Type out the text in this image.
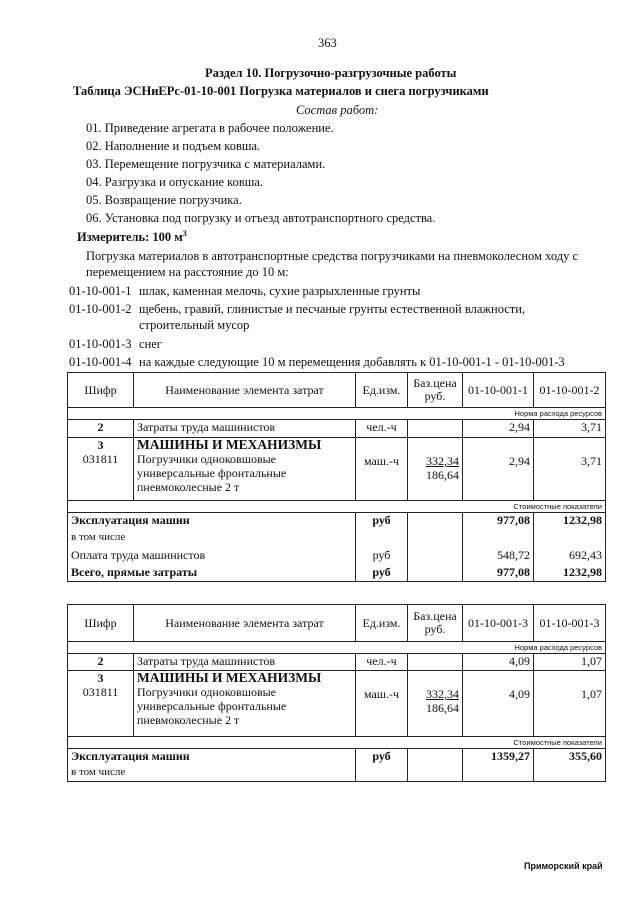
363
Раздел 10. Погрузочно-разгрузочные работы
Таблица ЭСНиЕРс-01-10-001 Погрузка материалов и снега погрузчиками
Состав работ:
01. Приведение агрегата в рабочее положение.
02. Наполнение и подъем ковша.
03. Перемещение погрузчика с материалами.
04. Разгрузка и опускание ковша.
05. Возвращение погрузчика.
06. Установка под погрузку и отъезд автотранспортного средства.
Измеритель: 100 $м^3$
Погрузка материалов в автотранспортные средства погрузчиками на пневмоколесном ходу с
перемещением на расстояние до 10 м:
01-10-001-1 шлак, каменная мелочь, сухие разрыхленные грунты
01-10-001-2 щебень, гравий, глинистые и песчаные грунты естественной влажности,
строительный мусор
01-10-001-3 снег
01-10-001-4 на каждые следующие 10 м перемещения добавлять к 01-10-001-1 - 01-10-001-3
Шифр	Наименование элемента затрат	Ед.изм.	Баз.цена
руб.	01-10-001-1	01-10-001-2
Норма расхода ресурсов					
2	Затраты труда машинистов	чел.-ч		2,94	3,71
3
031811	МАШИНЫ И МЕХАНИЗМЫ
Погрузчики одноковшовые
универсальные фронтальные
пневмоколесные 2 т	маш.-ч	332,34
186,64	2,94	3,71
Стоимостные показатели					
Эксплуатация машин		руб		977,08	1232,98
в том числе					
Оплата труда машинистов		руб		548,72	692,43
Всего, прямые затраты		руб		977,08	1232,98
Шифр	Наименование элемента затрат	Ед.изм.	Баз.цена
руб.	01-10-001-3	01-10-001-3
Норма расхода ресурсов					
2	Затраты труда машинистов	чел.-ч		4,09	1,07
3
031811	МАШИНЫ И МЕХАНИЗМЫ
Погрузчики одноковшовые
универсальные фронтальные
пневмоколесные 2 т	маш.-ч	332,34
186,64	4,09	1,07
Стоимостные показатели					
Эксплуатация машин		руб		1359,27	355,60
в том числе					
Приморский край
